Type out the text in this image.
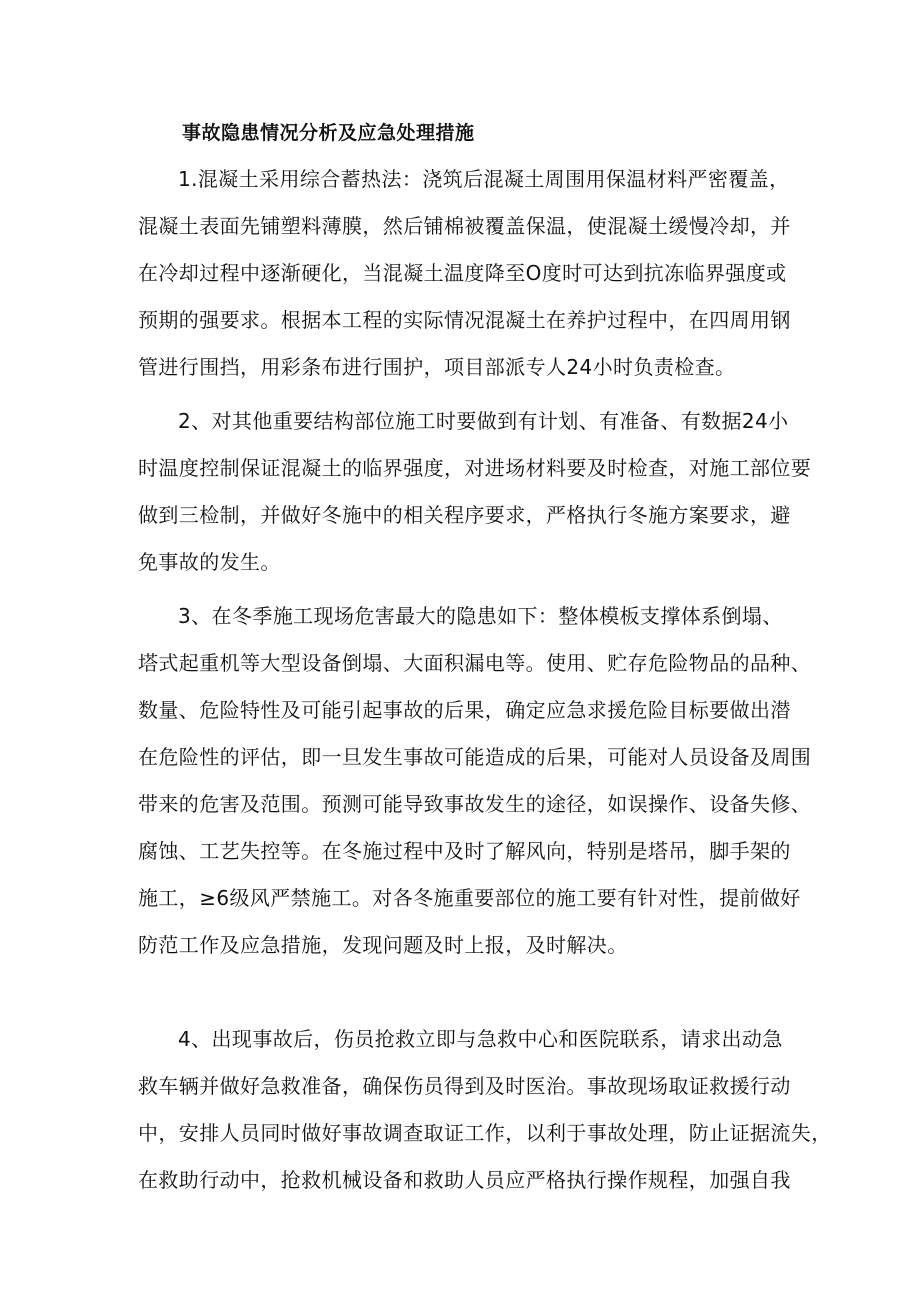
事故隐患情况分析及应急处理措施
1.混凝土采用综合蓄热法：浇筑后混凝土周围用保温材料严密覆盖，
混凝土表面先铺塑料薄膜，然后铺棉被覆盖保温，使混凝土缓慢冷却，并
在冷却过程中逐渐硬化，当混凝土温度降至O度时可达到抗冻临界强度或
预期的强要求。根据本工程的实际情况混凝土在养护过程中，在四周用钢
管进行围挡，用彩条布进行围护，项目部派专人24小时负责检查。
2、对其他重要结构部位施工时要做到有计划、有准备、有数据24小
时温度控制保证混凝土的临界强度，对进场材料要及时检查，对施工部位要
做到三检制，并做好冬施中的相关程序要求，严格执行冬施方案要求，避
免事故的发生。
3、在冬季施工现场危害最大的隐患如下：整体模板支撑体系倒塌、
塔式起重机等大型设备倒塌、大面积漏电等。使用、贮存危险物品的品种、
数量、危险特性及可能引起事故的后果，确定应急求援危险目标要做出潜
在危险性的评估，即一旦发生事故可能造成的后果，可能对人员设备及周围
带来的危害及范围。预测可能导致事故发生的途径，如误操作、设备失修、
腐蚀、工艺失控等。在冬施过程中及时了解风向，特别是塔吊，脚手架的
施工，≥6级风严禁施工。对各冬施重要部位的施工要有针对性，提前做好
防范工作及应急措施，发现问题及时上报，及时解决。
4、出现事故后，伤员抢救立即与急救中心和医院联系，请求出动急
救车辆并做好急救准备，确保伤员得到及时医治。事故现场取证救援行动
中，安排人员同时做好事故调查取证工作，以利于事故处理，防止证据流失，
在救助行动中，抢救机械设备和救助人员应严格执行操作规程，加强自我
